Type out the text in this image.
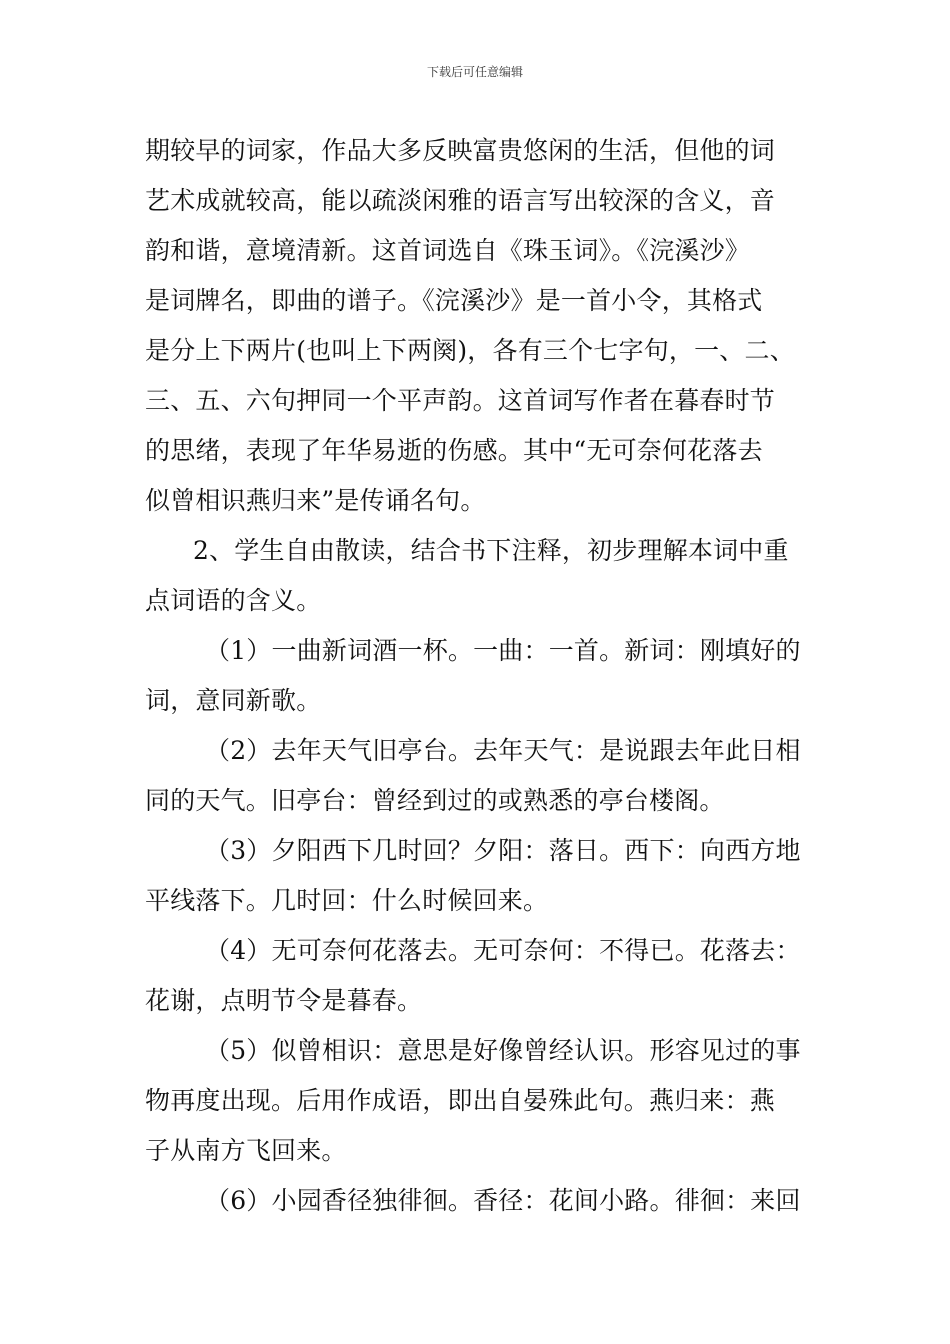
下载后可任意编辑
期较早的词家，作品大多反映富贵悠闲的生活，但他的词
艺术成就较高，能以疏淡闲雅的语言写出较深的含义，音
韵和谐，意境清新。这首词选自《珠玉词》。《浣溪沙》
是词牌名，即曲的谱子。《浣溪沙》是一首小令，其格式
是分上下两片(也叫上下两阕)，各有三个七字句，一、二、
三、五、六句押同一个平声韵。这首词写作者在暮春时节
的思绪，表现了年华易逝的伤感。其中“无可奈何花落去
似曾相识燕归来”是传诵名句。
2、学生自由散读，结合书下注释，初步理解本词中重
点词语的含义。
（1）一曲新词酒一杯。一曲：一首。新词：刚填好的
词，意同新歌。
（2）去年天气旧亭台。去年天气：是说跟去年此日相
同的天气。旧亭台：曾经到过的或熟悉的亭台楼阁。
（3）夕阳西下几时回？夕阳：落日。西下：向西方地
平线落下。几时回：什么时候回来。
（4）无可奈何花落去。无可奈何：不得已。花落去：
花谢，点明节令是暮春。
（5）似曾相识：意思是好像曾经认识。形容见过的事
物再度出现。后用作成语，即出自晏殊此句。燕归来：燕
子从南方飞回来。
（6）小园香径独徘徊。香径：花间小路。徘徊：来回
